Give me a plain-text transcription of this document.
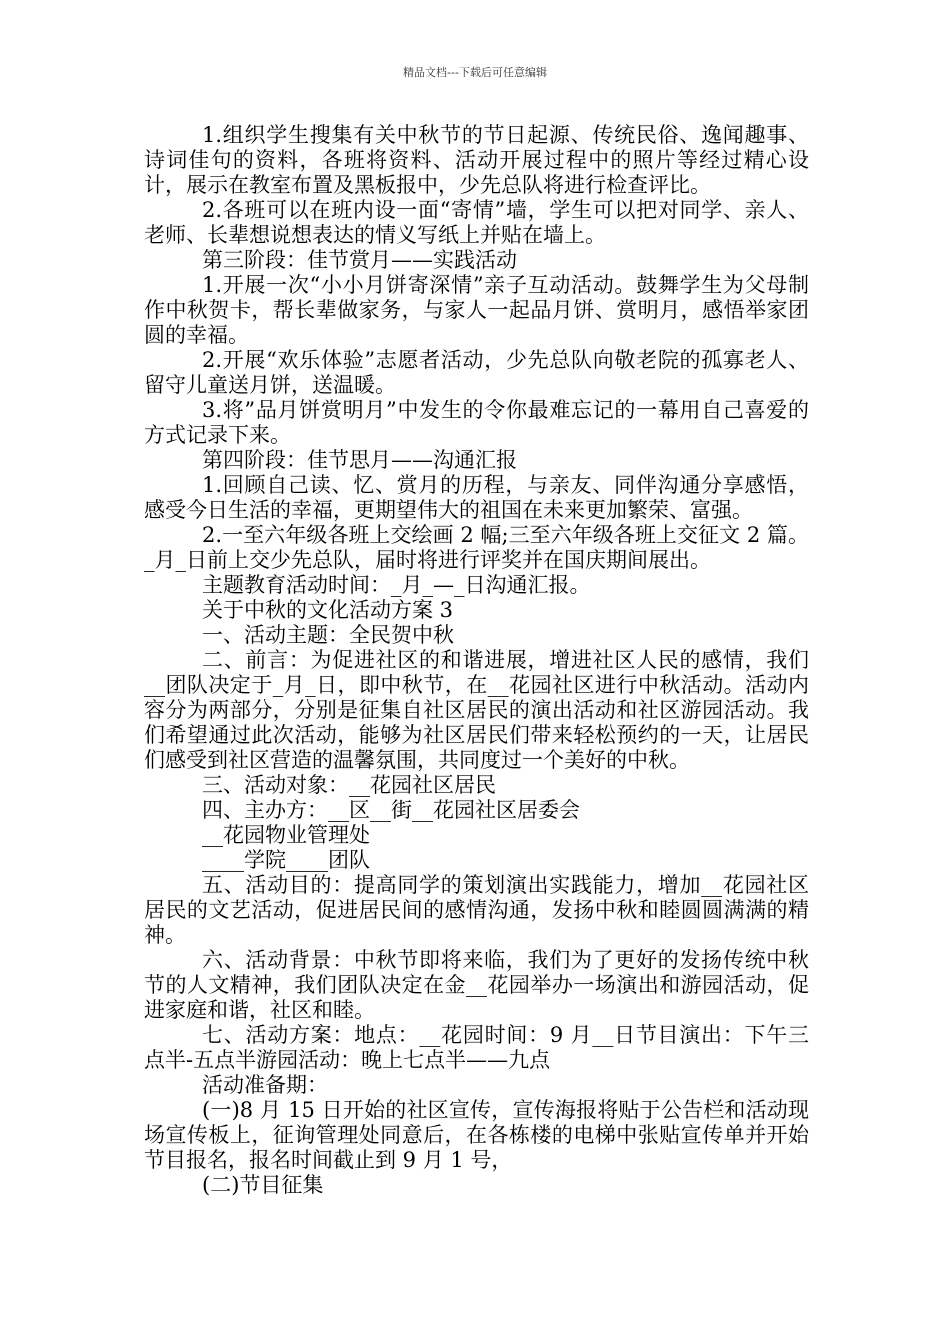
精品文档---下载后可任意编辑

1.组织学生搜集有关中秋节的节日起源、传统民俗、逸闻趣事、诗词佳句的资料，各班将资料、活动开展过程中的照片等经过精心设计，展示在教室布置及黑板报中，少先总队将进行检查评比。

2.各班可以在班内设一面“寄情”墙，学生可以把对同学、亲人、老师、长辈想说想表达的情义写纸上并贴在墙上。

第三阶段：佳节赏月——实践活动

1.开展一次“小小月饼寄深情”亲子互动活动。鼓舞学生为父母制作中秋贺卡，帮长辈做家务，与家人一起品月饼、赏明月，感悟举家团圆的幸福。

2.开展“欢乐体验”志愿者活动，少先总队向敬老院的孤寡老人、留守儿童送月饼，送温暖。

3.将”品月饼赏明月”中发生的令你最难忘记的一幕用自己喜爱的方式记录下来。

第四阶段：佳节思月——沟通汇报

1.回顾自己读、忆、赏月的历程，与亲友、同伴沟通分享感悟，感受今日生活的幸福，更期望伟大的祖国在未来更加繁荣、富强。

2.一至六年级各班上交绘画 2 幅;三至六年级各班上交征文 2 篇。_月_日前上交少先总队，届时将进行评奖并在国庆期间展出。

主题教育活动时间：_月_—_日沟通汇报。

关于中秋的文化活动方案 3

一、活动主题：全民贺中秋

二、前言：为促进社区的和谐进展，增进社区人民的感情，我们__团队决定于_月_日，即中秋节，在__花园社区进行中秋活动。活动内容分为两部分，分别是征集自社区居民的演出活动和社区游园活动。我们希望通过此次活动，能够为社区居民们带来轻松预约的一天，让居民们感受到社区营造的温馨氛围，共同度过一个美好的中秋。

三、活动对象：__花园社区居民

四、主办方：__区__街__花园社区居委会

__花园物业管理处

____学院____团队

五、活动目的：提高同学的策划演出实践能力，增加__花园社区居民的文艺活动，促进居民间的感情沟通，发扬中秋和睦圆圆满满的精神。

六、活动背景：中秋节即将来临，我们为了更好的发扬传统中秋节的人文精神，我们团队决定在金__花园举办一场演出和游园活动，促进家庭和谐，社区和睦。

七、活动方案：地点：__花园时间：9 月__日节目演出：下午三点半-五点半游园活动：晚上七点半——九点

活动准备期：

(一)8 月 15 日开始的社区宣传，宣传海报将贴于公告栏和活动现场宣传板上，征询管理处同意后，在各栋楼的电梯中张贴宣传单并开始节目报名，报名时间截止到 9 月 1 号，

(二)节目征集
